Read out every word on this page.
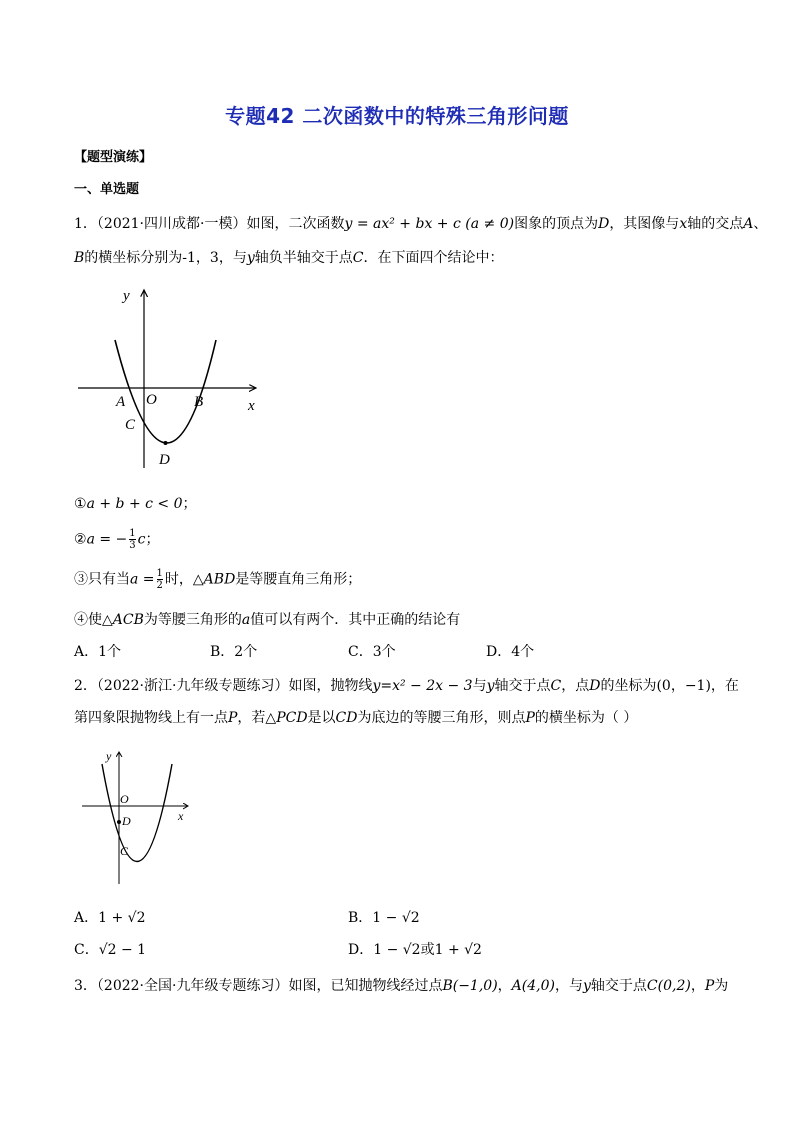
专题42 二次函数中的特殊三角形问题
【题型演练】
一、单选题
1．（2021·四川成都·一模）如图，二次函数y = ax² + bx + c (a ≠ 0)图象的顶点为D，其图像与x轴的交点A、
B的横坐标分别为-1，3，与y轴负半轴交于点C．在下面四个结论中：
y
x
A O B
C
D
①a + b + c < 0；
②a = − $\frac{1}{3}$ c；
③只有当$a = \frac{1}{2}$ 时，△ABD是等腰直角三角形；
④使△ACB为等腰三角形的a值可以有两个．其中正确的结论有
A．1个	B．2个	C．3个	D．4个
2．（2022·浙江·九年级专题练习）如图，抛物线y=x² − 2x − 3与y轴交于点C，点D的坐标为(0，−1)，在
第四象限抛物线上有一点P，若△PCD是以CD为底边的等腰三角形，则点P的横坐标为（ ）
y
x
O
D
C
A．1 + √2	B．1 − √2
C．√2 − 1	D．1 − √2或1 + √2
3．（2022·全国·九年级专题练习）如图，已知抛物线经过点B(−1,0)，A(4,0)，与y轴交于点C(0,2)，P为
